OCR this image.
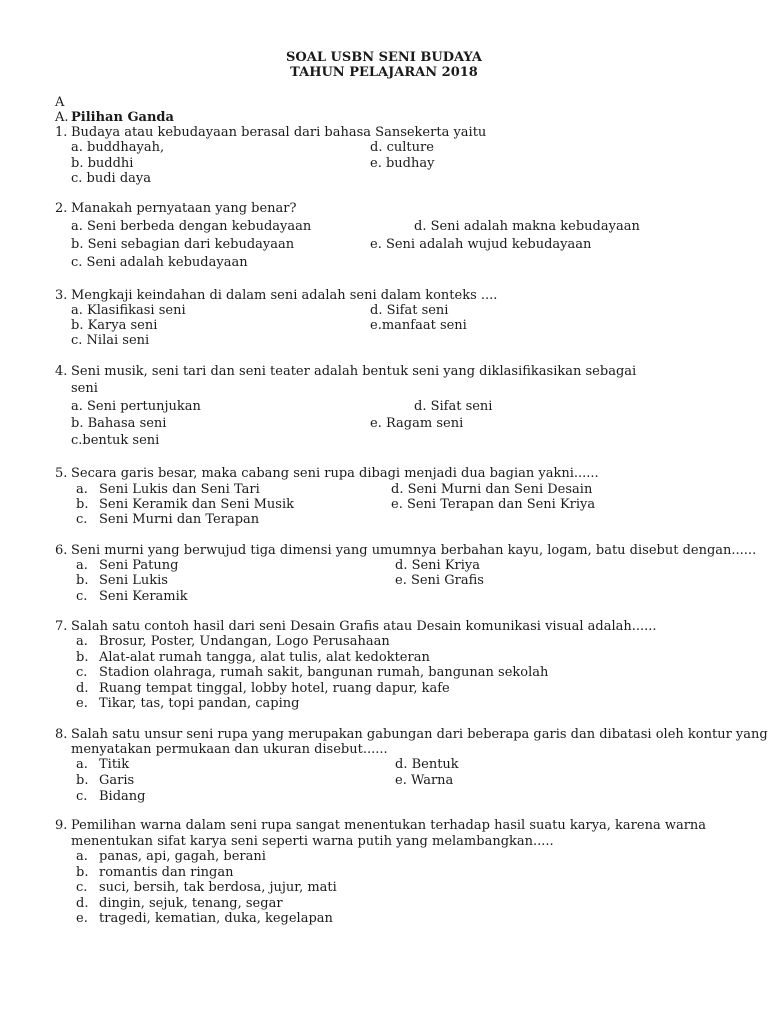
SOAL USBN SENI BUDAYA
TAHUN PELAJARAN 2018
A
A. Pilihan Ganda
1. Budaya atau kebudayaan berasal dari bahasa Sansekerta yaitu
a. buddhayah,	d. culture
b. buddhi	e. budhay
c. budi daya
2. Manakah pernyataan yang benar?
a. Seni berbeda dengan kebudayaan	d. Seni adalah makna kebudayaan
b. Seni sebagian dari kebudayaan	e. Seni adalah wujud kebudayaan
c. Seni adalah kebudayaan
3. Mengkaji keindahan di dalam seni adalah seni dalam konteks ....
a. Klasifikasi seni	d. Sifat seni
b. Karya seni	e.manfaat seni
c. Nilai seni
4. Seni musik, seni tari dan seni teater adalah bentuk seni yang diklasifikasikan sebagai
seni
a. Seni pertunjukan	d. Sifat seni
b. Bahasa seni	e. Ragam seni
c.bentuk seni
5. Secara garis besar, maka cabang seni rupa dibagi menjadi dua bagian yakni......
a. Seni Lukis dan Seni Tari	d. Seni Murni dan Seni Desain
b. Seni Keramik dan Seni Musik	e. Seni Terapan dan Seni Kriya
c. Seni Murni dan Terapan
6. Seni murni yang berwujud tiga dimensi yang umumnya berbahan kayu, logam, batu disebut dengan......
a. Seni Patung	d. Seni Kriya
b. Seni Lukis	e. Seni Grafis
c. Seni Keramik
7. Salah satu contoh hasil dari seni Desain Grafis atau Desain komunikasi visual adalah......
a. Brosur, Poster, Undangan, Logo Perusahaan
b. Alat-alat rumah tangga, alat tulis, alat kedokteran
c. Stadion olahraga, rumah sakit, bangunan rumah, bangunan sekolah
d. Ruang tempat tinggal, lobby hotel, ruang dapur, kafe
e. Tikar, tas, topi pandan, caping
8. Salah satu unsur seni rupa yang merupakan gabungan dari beberapa garis dan dibatasi oleh kontur yang
menyatakan permukaan dan ukuran disebut......
a. Titik	d. Bentuk
b. Garis	e. Warna
c. Bidang
9. Pemilihan warna dalam seni rupa sangat menentukan terhadap hasil suatu karya, karena warna
menentukan sifat karya seni seperti warna putih yang melambangkan.....
a. panas, api, gagah, berani
b. romantis dan ringan
c. suci, bersih, tak berdosa, jujur, mati
d. dingin, sejuk, tenang, segar
e. tragedi, kematian, duka, kegelapan
